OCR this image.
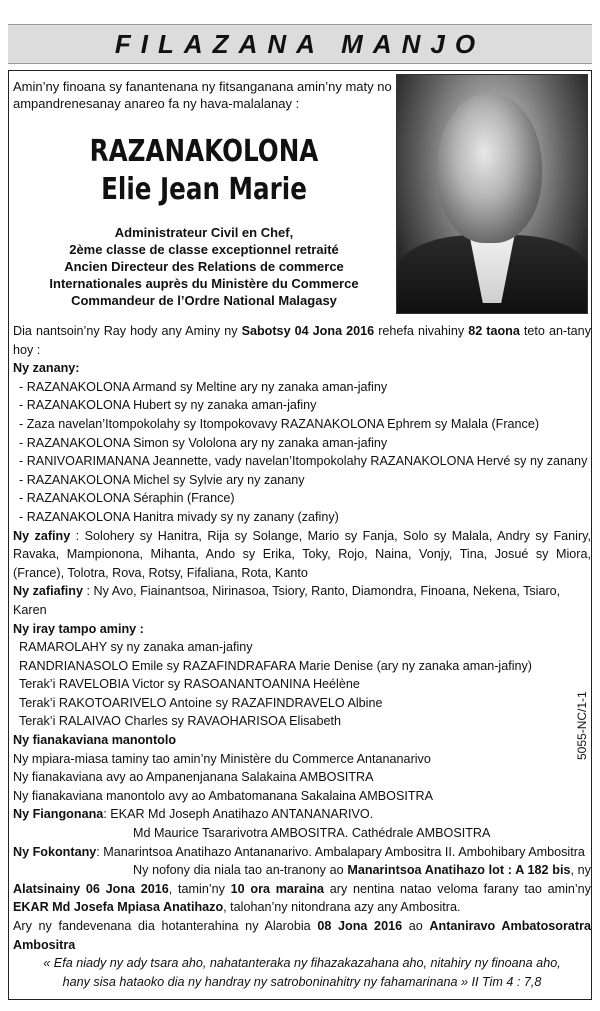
FILAZANA MANJO
Amin’ny finoana sy fanantenana ny fitsanganana amin’ny maty no ampandrenesanay anareo fa ny hava-malalanay :
RAZANAKOLONA
Elie Jean Marie
Administrateur Civil en Chef,
2ème classe de classe exceptionnel retraité
Ancien Directeur des Relations de commerce
Internationales auprès du Ministère du Commerce
Commandeur de l’Ordre National Malagasy

Dia nantsoin’ny Ray hody any Aminy ny Sabotsy 04 Jona 2016 rehefa nivahiny 82 taona teto an-tany hoy :

Ny zanany:

- RAZANAKOLONA Armand sy Meltine ary ny zanaka aman-jafiny

- RAZANAKOLONA Hubert sy ny zanaka aman-jafiny

- Zaza navelan’Itompokolahy sy Itompokovavy RAZANAKOLONA Ephrem sy Malala (France)

- RAZANAKOLONA Simon sy Vololona ary ny zanaka aman-jafiny

- RANIVOARIMANANA Jeannette, vady navelan’Itompokolahy RAZANAKOLONA Hervé sy ny zanany

- RAZANAKOLONA Michel sy Sylvie ary ny zanany

- RAZANAKOLONA Séraphin (France)

- RAZANAKOLONA Hanitra mivady sy ny zanany (zafiny)

Ny zafiny : Solohery sy Hanitra, Rija sy Solange, Mario sy Fanja, Solo sy Malala, Andry sy Faniry, Ravaka, Mampionona, Mihanta, Ando sy Erika, Toky, Rojo, Naina, Vonjy, Tina, Josué sy Miora, (France), Tolotra, Rova, Rotsy, Fifaliana, Rota, Kanto

Ny zafiafiny : Ny Avo, Fiainantsoa, Nirinasoa, Tsiory, Ranto, Diamondra, Finoana, Nekena, Tsiaro, Karen

Ny iray tampo aminy :

RAMAROLAHY sy ny zanaka aman-jafiny

RANDRIANASOLO Emile sy RAZAFINDRAFARA Marie Denise (ary ny zanaka aman-jafiny)

Terak’i RAVELOBIA Victor sy RASOANANTOANINA Heélène

Terak’i RAKOTOARIVELO Antoine sy RAZAFINDRAVELO Albine

Terak’i RALAIVAO Charles sy RAVAOHARISOA Elisabeth

Ny fianakaviana manontolo

Ny mpiara-miasa taminy tao amin’ny Ministère du Commerce Antananarivo

Ny fianakaviana avy ao Ampanenjanana Salakaina AMBOSITRA

Ny fianakaviana manontolo avy ao Ambatomanana Sakalaina AMBOSITRA

Ny Fiangonana: EKAR Md Joseph Anatihazo ANTANANARIVO.

Md Maurice Tsararivotra AMBOSITRA. Cathédrale AMBOSITRA

Ny Fokontany: Manarintsoa Anatihazo Antananarivo. Ambalapary Ambositra II. Ambohibary Ambositra

Ny nofony dia niala tao an-tranony ao Manarintsoa Anatihazo lot : A 182 bis, ny Alatsinainy 06 Jona 2016, tamin’ny 10 ora maraina ary nentina natao veloma farany tao amin’ny EKAR Md Josefa Mpiasa Anatihazo, talohan’ny nitondrana azy any Ambositra.

Ary ny fandevenana dia hotanterahina ny Alarobia 08 Jona 2016 ao Antaniravo Ambatosoratra Ambositra

« Efa niady ny ady tsara aho, nahatanteraka ny fihazakazahana aho, nitahiry ny finoana aho,

hany sisa hataoko dia ny handray ny satroboninahitry ny fahamarinana » II Tim 4 : 7,8

5055-NC/1-1
